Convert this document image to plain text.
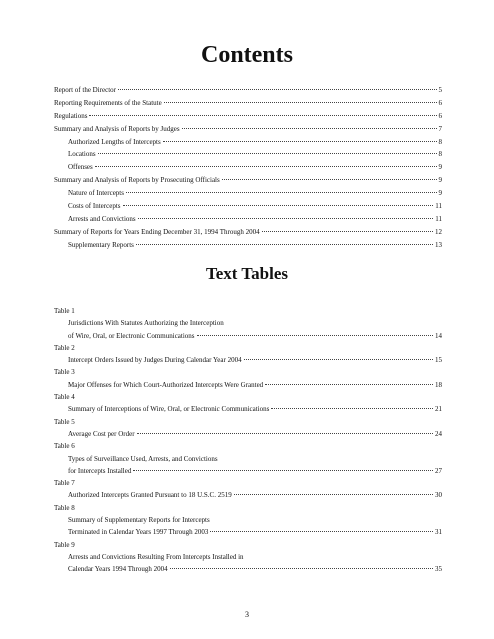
Contents
Report of the Director	5
Reporting Requirements of the Statute	6
Regulations	6
Summary and Analysis of Reports by Judges	7
Authorized Lengths of Intercepts	8
Locations	8
Offenses	9
Summary and Analysis of Reports by Prosecuting Officials	9
Nature of Intercepts	9
Costs of Intercepts	11
Arrests and Convictions	11
Summary of Reports for Years Ending December 31, 1994 Through 2004	12
Supplementary Reports	13
Text Tables
Table 1
Jurisdictions With Statutes Authorizing the Interception
of Wire, Oral, or Electronic Communications	14
Table 2
Intercept Orders Issued by Judges During Calendar Year 2004	15
Table 3
Major Offenses for Which Court-Authorized Intercepts Were Granted	18
Table 4
Summary of Interceptions of Wire, Oral, or Electronic Communications	21
Table 5
Average Cost per Order	24
Table 6
Types of Surveillance Used, Arrests, and Convictions
for Intercepts Installed	27
Table 7
Authorized Intercepts Granted Pursuant to 18 U.S.C. 2519	30
Table 8
Summary of Supplementary Reports for Intercepts
Terminated in Calendar Years 1997 Through 2003	31
Table 9
Arrests and Convictions Resulting From Intercepts Installed in
Calendar Years 1994 Through 2004	35
3
